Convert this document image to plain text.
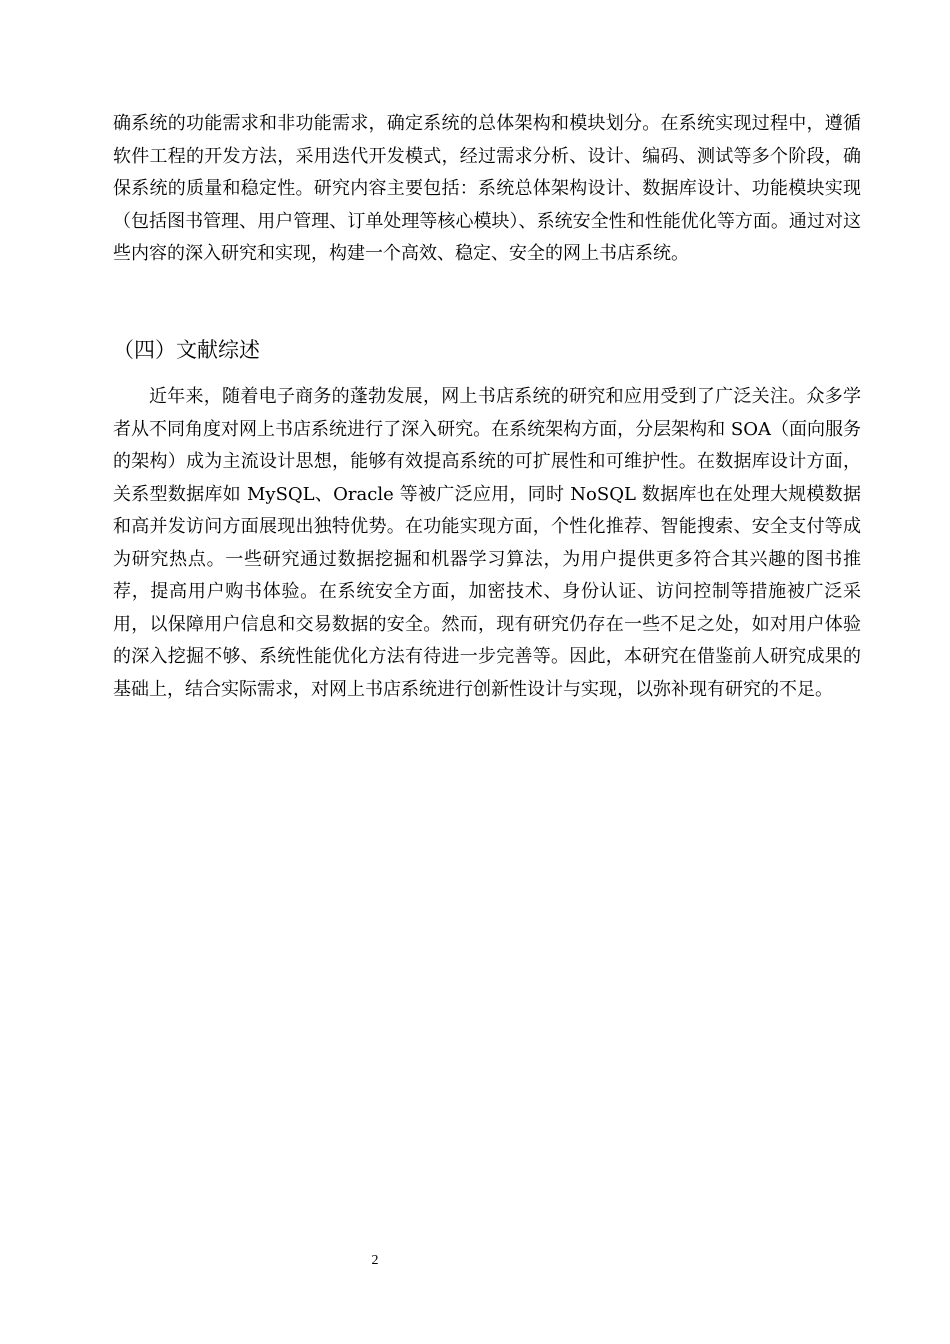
确系统的功能需求和非功能需求，确定系统的总体架构和模块划分。在系统实现过程中，遵循软件工程的开发方法，采用迭代开发模式，经过需求分析、设计、编码、测试等多个阶段，确保系统的质量和稳定性。研究内容主要包括：系统总体架构设计、数据库设计、功能模块实现（包括图书管理、用户管理、订单处理等核心模块）、系统安全性和性能优化等方面。通过对这些内容的深入研究和实现，构建一个高效、稳定、安全的网上书店系统。

（四）文献综述

近年来，随着电子商务的蓬勃发展，网上书店系统的研究和应用受到了广泛关注。众多学者从不同角度对网上书店系统进行了深入研究。在系统架构方面，分层架构和 SOA（面向服务的架构）成为主流设计思想，能够有效提高系统的可扩展性和可维护性。在数据库设计方面，关系型数据库如 MySQL、Oracle 等被广泛应用，同时 NoSQL 数据库也在处理大规模数据和高并发访问方面展现出独特优势。在功能实现方面，个性化推荐、智能搜索、安全支付等成为研究热点。一些研究通过数据挖掘和机器学习算法，为用户提供更多符合其兴趣的图书推荐，提高用户购书体验。在系统安全方面，加密技术、身份认证、访问控制等措施被广泛采用，以保障用户信息和交易数据的安全。然而，现有研究仍存在一些不足之处，如对用户体验的深入挖掘不够、系统性能优化方法有待进一步完善等。因此，本研究在借鉴前人研究成果的基础上，结合实际需求，对网上书店系统进行创新性设计与实现，以弥补现有研究的不足。

2
